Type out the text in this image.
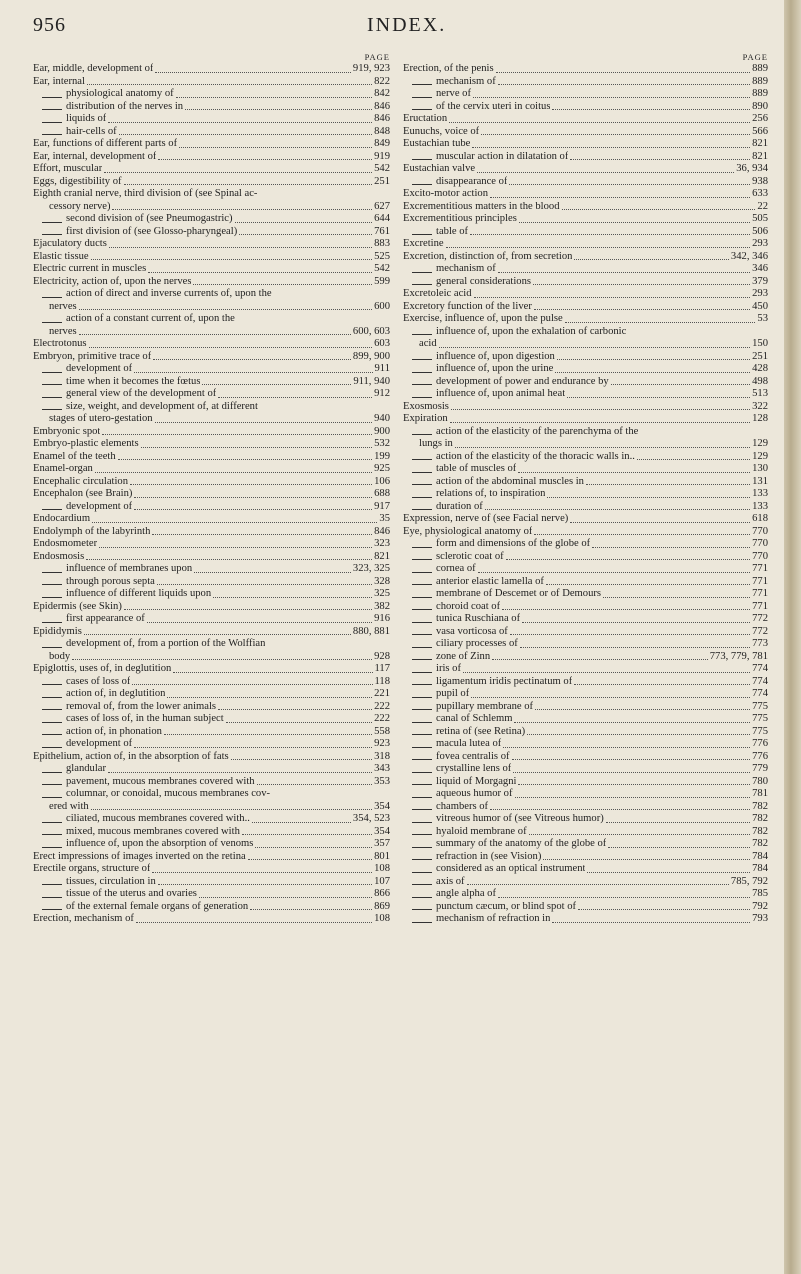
956	INDEX.
PAGE
Ear, middle, development of	919, 923
Ear, internal	822
physiological anatomy of	842
distribution of the nerves in	846
liquids of	846
hair-cells of	848
Ear, functions of different parts of	849
Ear, internal, development of	919
Effort, muscular	542
Eggs, digestibility of	251
Eighth cranial nerve, third division of (see Spinal ac-
cessory nerve)	627
second division of (see Pneumogastric)	644
first division of (see Glosso-pharyngeal)	761
Ejaculatory ducts	883
Elastic tissue	525
Electric current in muscles	542
Electricity, action of, upon the nerves	599
action of direct and inverse currents of, upon the
nerves	600
action of a constant current of, upon the
nerves	600, 603
Electrotonus	603
Embryon, primitive trace of	899, 900
development of	911
time when it becomes the fœtus	911, 940
general view of the development of	912
size, weight, and development of, at different
stages of utero-gestation	940
Embryonic spot	900
Embryo-plastic elements	532
Enamel of the teeth	199
Enamel-organ	925
Encephalic circulation	106
Encephalon (see Brain)	688
development of	917
Endocardium	35
Endolymph of the labyrinth	846
Endosmometer	323
Endosmosis	821
influence of membranes upon	323, 325
through porous septa	328
influence of different liquids upon	325
Epidermis (see Skin)	382
first appearance of	916
Epididymis	880, 881
development of, from a portion of the Wolffian
body	928
Epiglottis, uses of, in deglutition	117
cases of loss of	118
action of, in deglutition	221
removal of, from the lower animals	222
cases of loss of, in the human subject	222
action of, in phonation	558
development of	923
Epithelium, action of, in the absorption of fats	318
glandular	343
pavement, mucous membranes covered with	353
columnar, or conoidal, mucous membranes cov-
ered with	354
ciliated, mucous membranes covered with..	354, 523
mixed, mucous membranes covered with	354
influence of, upon the absorption of venoms	357
Erect impressions of images inverted on the retina	801
Erectile organs, structure of	108
tissues, circulation in	107
tissue of the uterus and ovaries	866
of the external female organs of generation	869
Erection, mechanism of	108
PAGE
Erection, of the penis	889
mechanism of	889
nerve of	889
of the cervix uteri in coitus	890
Eructation	256
Eunuchs, voice of	566
Eustachian tube	821
muscular action in dilatation of	821
Eustachian valve	36, 934
disappearance of	938
Excito-motor action	633
Excrementitious matters in the blood	22
Excrementitious principles	505
table of	506
Excretine	293
Excretion, distinction of, from secretion	342, 346
mechanism of	346
general considerations	379
Excretoleic acid	293
Excretory function of the liver	450
Exercise, influence of, upon the pulse	53
influence of, upon the exhalation of carbonic
acid	150
influence of, upon digestion	251
influence of, upon the urine	428
development of power and endurance by	498
influence of, upon animal heat	513
Exosmosis	322
Expiration	128
action of the elasticity of the parenchyma of the
lungs in	129
action of the elasticity of the thoracic walls in..	129
table of muscles of	130
action of the abdominal muscles in	131
relations of, to inspiration	133
duration of	133
Expression, nerve of (see Facial nerve)	618
Eye, physiological anatomy of	770
form and dimensions of the globe of	770
sclerotic coat of	770
cornea of	771
anterior elastic lamella of	771
membrane of Descemet or of Demours	771
choroid coat of	771
tunica Ruschiana of	772
vasa vorticosa of	772
ciliary processes of	773
zone of Zinn	773, 779, 781
iris of	774
ligamentum iridis pectinatum of	774
pupil of	774
pupillary membrane of	775
canal of Schlemm	775
retina of (see Retina)	775
macula lutea of	776
fovea centralis of	776
crystalline lens of	779
liquid of Morgagni	780
aqueous humor of	781
chambers of	782
vitreous humor of (see Vitreous humor)	782
hyaloid membrane of	782
summary of the anatomy of the globe of	782
refraction in (see Vision)	784
considered as an optical instrument	784
axis of	785, 792
angle alpha of	785
punctum cæcum, or blind spot of	792
mechanism of refraction in	793
